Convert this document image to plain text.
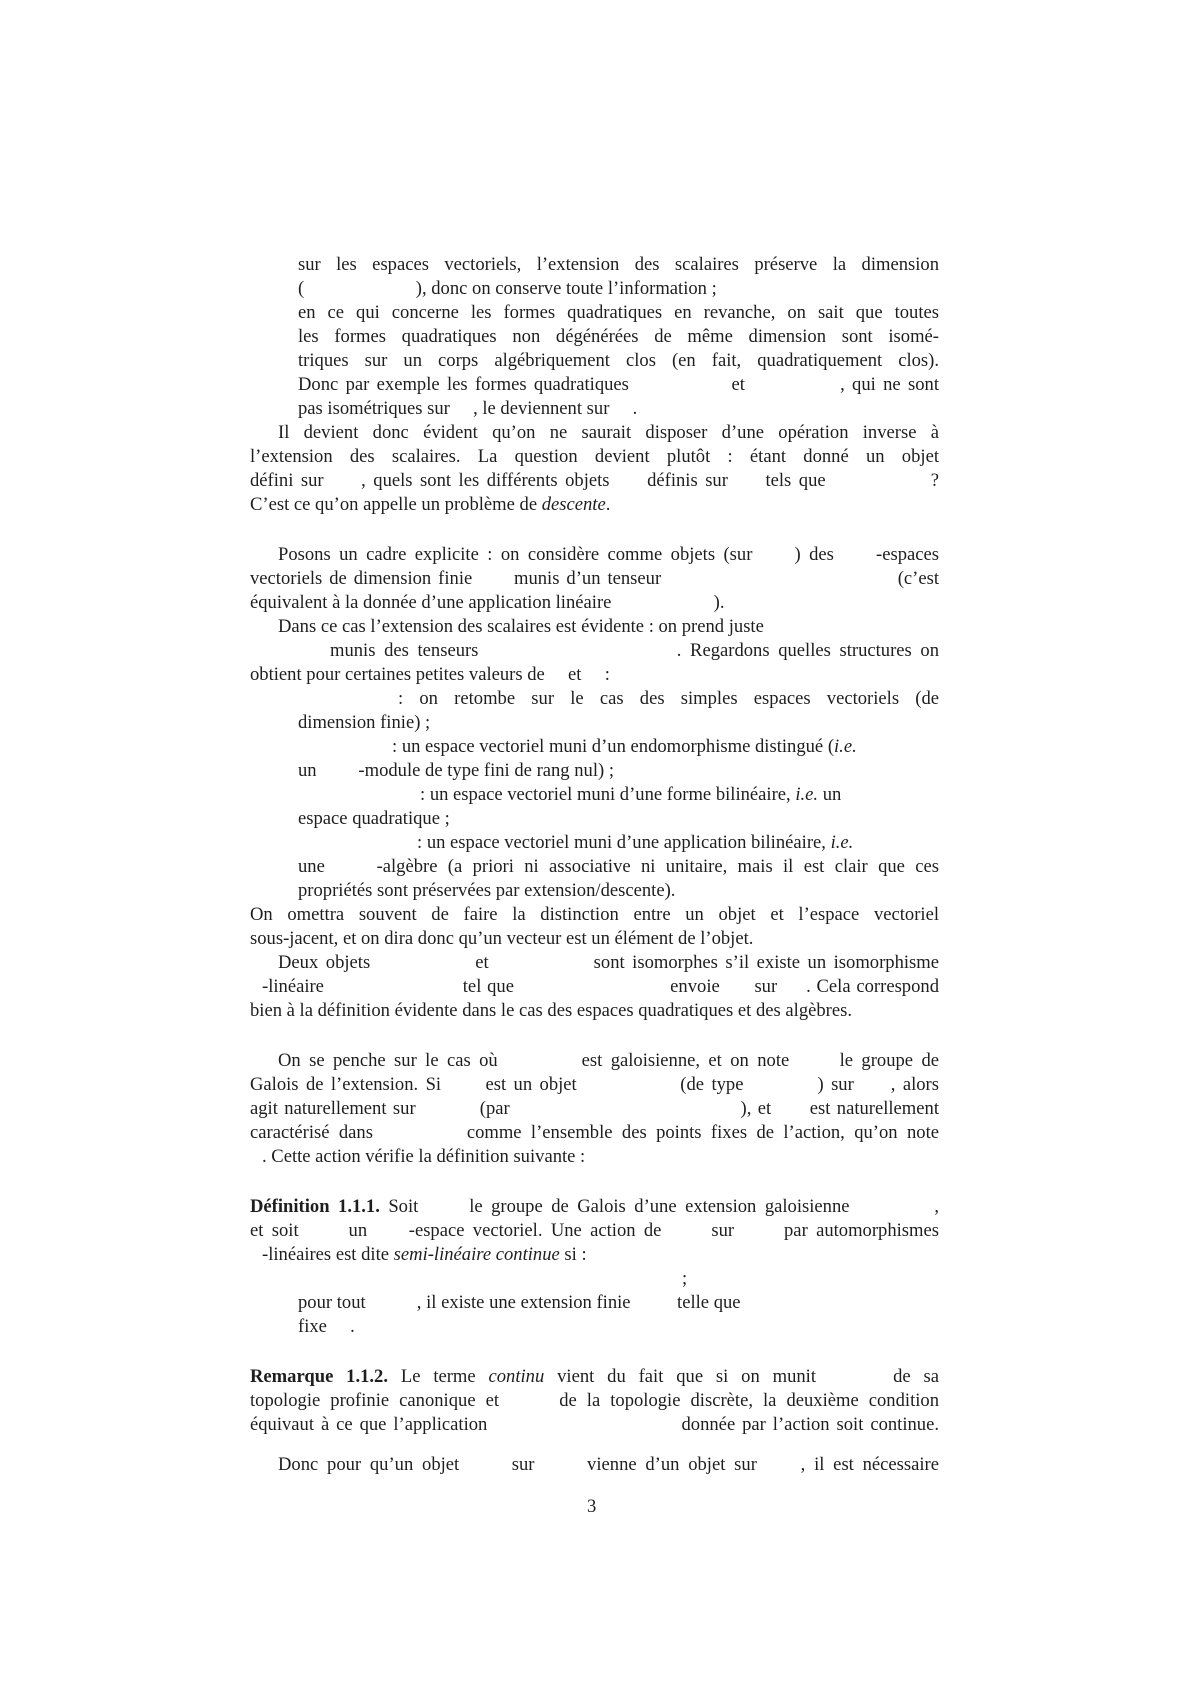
sur les espaces vectoriels, l’extension des scalaires préserve la dimension
(                        ), donc on conserve toute l’information ;
en ce qui concerne les formes quadratiques en revanche, on sait que toutes
les formes quadratiques non dégénérées de même dimension sont isomé-
triques sur un corps algébriquement clos (en fait, quadratiquement clos).
Donc par exemple les formes quadratiques              et             , qui ne sont
pas isométriques sur     , le deviennent sur     .
Il devient donc évident qu’on ne saurait disposer d’une opération inverse à
l’extension des scalaires. La question devient plutôt : étant donné un objet
défini sur     , quels sont les différents objets     définis sur     tels que              ?
C’est ce qu’on appelle un problème de descente.
Posons un cadre explicite : on considère comme objets (sur     ) des     -espaces
vectoriels de dimension finie      munis d’un tenseur                                  (c’est
équivalent à la donnée d’une application linéaire                      ).
Dans ce cas l’extension des scalaires est évidente : on prend juste
munis des tenseurs                       . Regardons quelles structures on
obtient pour certaines petites valeurs de     et     :
: on retombe sur le cas des simples espaces vectoriels (de
dimension finie) ;
: un espace vectoriel muni d’un endomorphisme distingué (i.e.
un         -module de type fini de rang nul) ;
: un espace vectoriel muni d’une forme bilinéaire, i.e. un
espace quadratique ;
: un espace vectoriel muni d’une application bilinéaire, i.e.
une     -algèbre (a priori ni associative ni unitaire, mais il est clair que ces
propriétés sont préservées par extension/descente).
On omettra souvent de faire la distinction entre un objet et l’espace vectoriel
sous-jacent, et on dira donc qu’un vecteur est un élément de l’objet.
Deux objets              et              sont isomorphes s’il existe un isomorphisme
-linéaire                        tel que                           envoie      sur     . Cela correspond
bien à la définition évidente dans le cas des espaces quadratiques et des algèbres.
On se penche sur le cas où          est galoisienne, et on note      le groupe de
Galois de l’extension. Si      est un objet              (de type          ) sur     , alors
agit naturellement sur          (par                                    ), et      est naturellement
caractérisé dans          comme l’ensemble des points fixes de l’action, qu’on note
. Cette action vérifie la définition suivante :
Définition 1.1.1. Soit      le groupe de Galois d’une extension galoisienne          ,
et soit      un     -espace vectoriel. Une action de      sur      par automorphismes
-linéaires est dite semi-linéaire continue si :
;
pour tout           , il existe une extension finie          telle que
fixe     .
Remarque 1.1.2. Le terme continu vient du fait que si on munit      de sa
topologie profinie canonique et      de la topologie discrète, la deuxième condition
équivaut à ce que l’application                            donnée par l’action soit continue.
Donc pour qu’un objet      sur      vienne d’un objet sur     , il est nécessaire
3
